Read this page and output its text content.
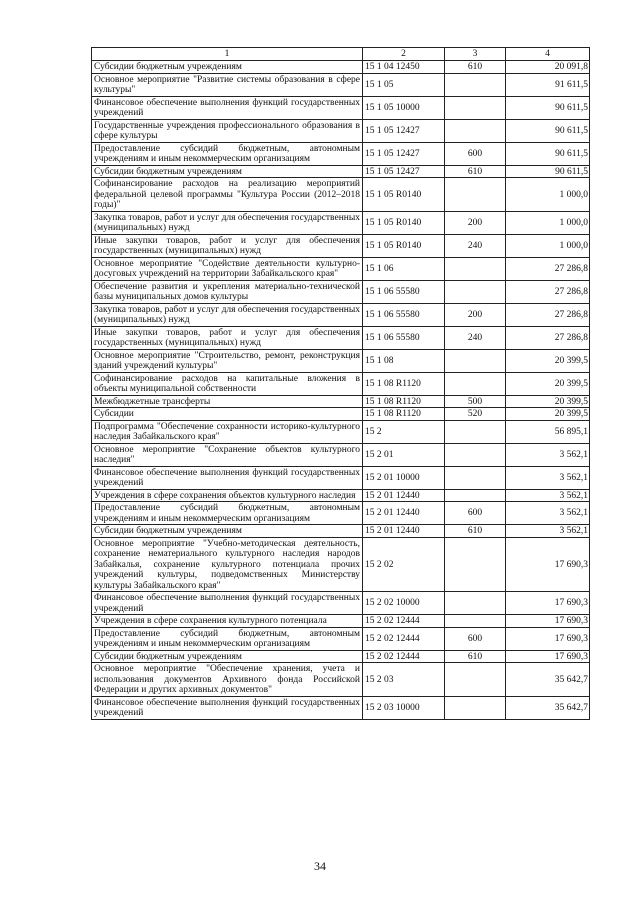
1	2	3	4
Субсидии бюджетным учреждениям	15 1 04 12450	610	20 091,8
Основное мероприятие "Развитие системы образования в сфере культуры"	15 1 05		91 611,5
Финансовое обеспечение выполнения функций государственных учреждений	15 1 05 10000		90 611,5
Государственные учреждения профессионального образования в сфере культуры	15 1 05 12427		90 611,5
Предоставление субсидий бюджетным, автономным учреждениям и иным некоммерческим организациям	15 1 05 12427	600	90 611,5
Субсидии бюджетным учреждениям	15 1 05 12427	610	90 611,5
Софинансирование расходов на реализацию мероприятий федеральной целевой программы "Культура России (2012–2018 годы)"	15 1 05 R0140		1 000,0
Закупка товаров, работ и услуг для обеспечения государственных (муниципальных) нужд	15 1 05 R0140	200	1 000,0
Иные закупки товаров, работ и услуг для обеспечения государственных (муниципальных) нужд	15 1 05 R0140	240	1 000,0
Основное мероприятие "Содействие деятельности культурно-досуговых учреждений на территории Забайкальского края"	15 1 06		27 286,8
Обеспечение развития и укрепления материально-технической базы муниципальных домов культуры	15 1 06 55580		27 286,8
Закупка товаров, работ и услуг для обеспечения государственных (муниципальных) нужд	15 1 06 55580	200	27 286,8
Иные закупки товаров, работ и услуг для обеспечения государственных (муниципальных) нужд	15 1 06 55580	240	27 286,8
Основное мероприятие "Строительство, ремонт, реконструкция зданий учреждений культуры"	15 1 08		20 399,5
Софинансирование расходов на капитальные вложения в объекты муниципальной собственности	15 1 08 R1120		20 399,5
Межбюджетные трансферты	15 1 08 R1120	500	20 399,5
Субсидии	15 1 08 R1120	520	20 399,5
Подпрограмма "Обеспечение сохранности историко-культурного наследия Забайкальского края"	15 2		56 895,1
Основное мероприятие "Сохранение объектов культурного наследия"	15 2 01		3 562,1
Финансовое обеспечение выполнения функций государственных учреждений	15 2 01 10000		3 562,1
Учреждения в сфере сохранения объектов культурного наследия	15 2 01 12440		3 562,1
Предоставление субсидий бюджетным, автономным учреждениям и иным некоммерческим организациям	15 2 01 12440	600	3 562,1
Субсидии бюджетным учреждениям	15 2 01 12440	610	3 562,1
Основное мероприятие "Учебно-методическая деятельность, сохранение нематериального культурного наследия народов Забайкалья, сохранение культурного потенциала прочих учреждений культуры, подведомственных Министерству культуры Забайкальского края"	15 2 02		17 690,3
Финансовое обеспечение выполнения функций государственных учреждений	15 2 02 10000		17 690,3
Учреждения в сфере сохранения культурного потенциала	15 2 02 12444		17 690,3
Предоставление субсидий бюджетным, автономным учреждениям и иным некоммерческим организациям	15 2 02 12444	600	17 690,3
Субсидии бюджетным учреждениям	15 2 02 12444	610	17 690,3
Основное мероприятие "Обеспечение хранения, учета и использования документов Архивного фонда Российской Федерации и других архивных документов"	15 2 03		35 642,7
Финансовое обеспечение выполнения функций государственных учреждений	15 2 03 10000		35 642,7
34
